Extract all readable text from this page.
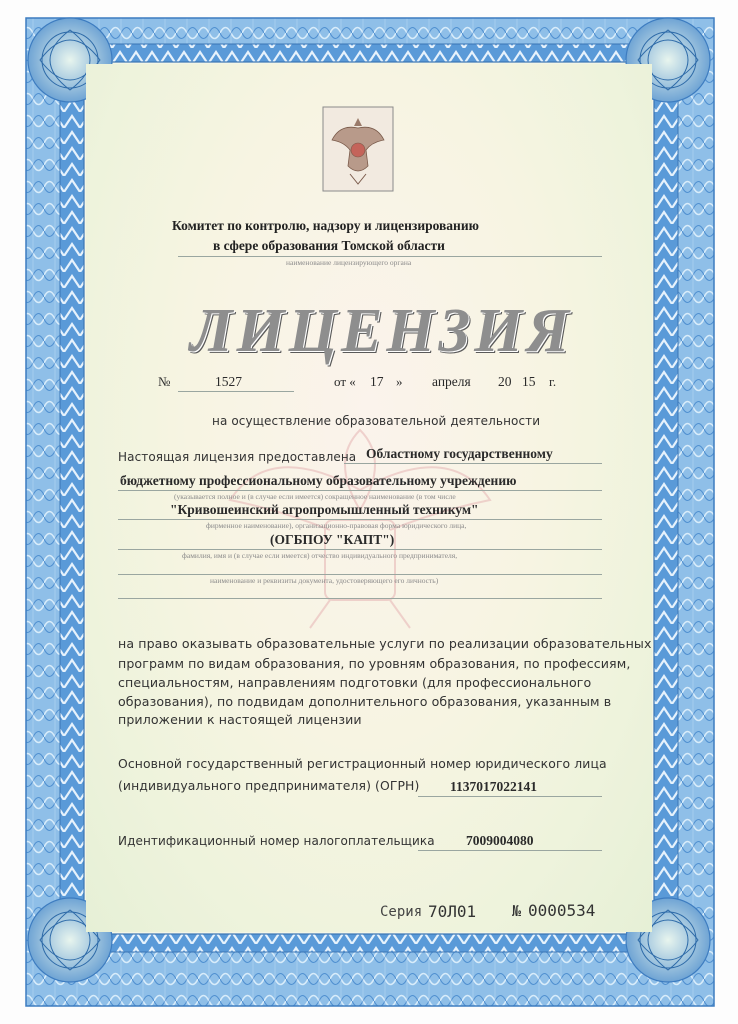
Комитет по контролю, надзору и лицензированию
в сфере образования Томской области
наименование лицензирующего органа
ЛИЦЕНЗИЯ
№	1527	от « 17 » апреля 20 15 г.
на осуществление образовательной деятельности
Настоящая лицензия предоставлена Областному государственному
бюджетному профессиональному образовательному учреждению
(указывается полное и (в случае если имеется) сокращенное наименование (в том числе
"Кривошеинский агропромышленный техникум"
фирменное наименование), организационно-правовая форма юридического лица,
(ОГБПОУ "КАПТ")
фамилия, имя и (в случае если имеется) отчество индивидуального предпринимателя,
наименование и реквизиты документа, удостоверяющего его личность)
на право оказывать образовательные услуги по реализации образовательных
программ по видам образования, по уровням образования, по профессиям,
специальностям, направлениям подготовки (для профессионального
образования), по подвидам дополнительного образования, указанным в
приложении к настоящей лицензии
Основной государственный регистрационный номер юридического лица
(индивидуального предпринимателя) (ОГРН) 1137017022141
Идентификационный номер налогоплательщика 7009004080
Серия 70Л01 № 0000534
